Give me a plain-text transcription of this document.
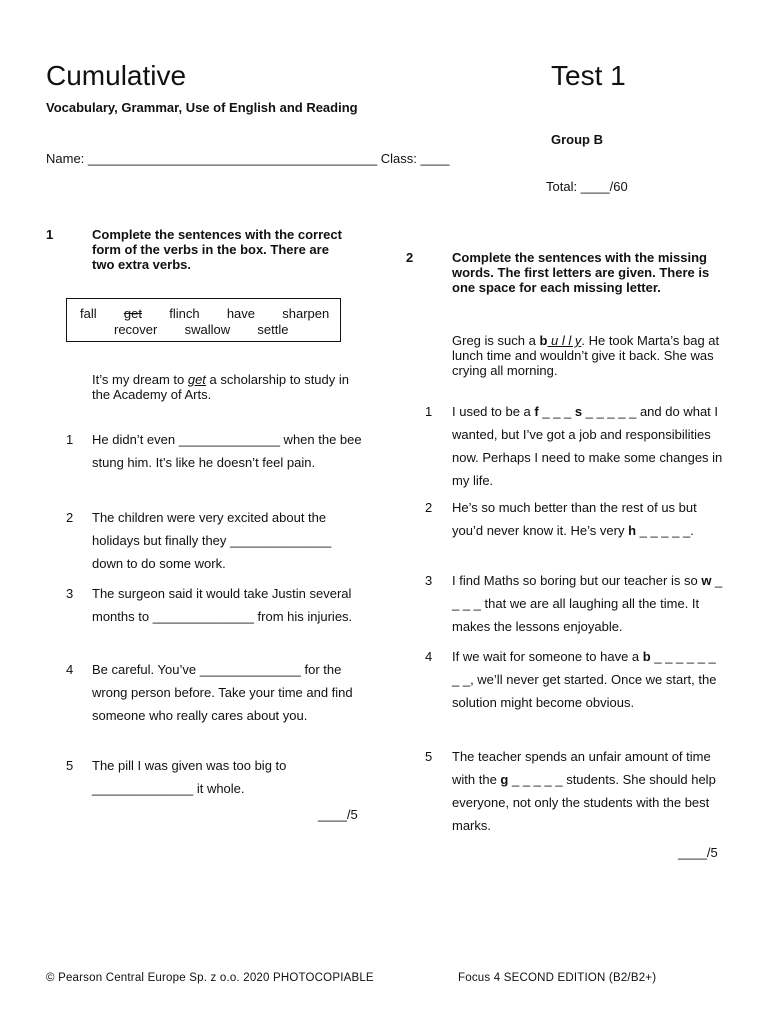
Cumulative	Test 1
Vocabulary, Grammar, Use of English and Reading
Group B
Name: ________________________________________ Class: ____
Total: ____/60
1	Complete the sentences with the correct form of the verbs in the box. There are two extra verbs.
fall get flinch have sharpen
recover swallow settle
It’s my dream to get a scholarship to study in the Academy of Arts.
1 He didn’t even ______________ when the bee stung him. It’s like he doesn’t feel pain.
2 The children were very excited about the holidays but finally they ______________ down to do some work.
3 The surgeon said it would take Justin several months to ______________ from his injuries.
4 Be careful. You’ve ______________ for the wrong person before. Take your time and find someone who really cares about you.
5 The pill I was given was too big to ______________ it whole.
____/5
2	Complete the sentences with the missing words. The first letters are given. There is one space for each missing letter.
Greg is such a b u l l y. He took Marta’s bag at lunch time and wouldn’t give it back. She was crying all morning.
1 I used to be a f _ _ _ s _ _ _ _ _ and do what I wanted, but I’ve got a job and responsibilities now. Perhaps I need to make some changes in my life.
2 He’s so much better than the rest of us but you’d never know it. He’s very h _ _ _ _ _.
3 I find Maths so boring but our teacher is so w _ _ _ _ that we are all laughing all the time. It makes the lessons enjoyable.
4 If we wait for someone to have a b _ _ _ _ _ _ _ _, we’ll never get started. Once we start, the solution might become obvious.
5 The teacher spends an unfair amount of time with the g _ _ _ _ _ students. She should help everyone, not only the students with the best marks.
____/5
© Pearson Central Europe Sp. z o.o. 2020 PHOTOCOPIABLE	Focus 4 SECOND EDITION (B2/B2+)
